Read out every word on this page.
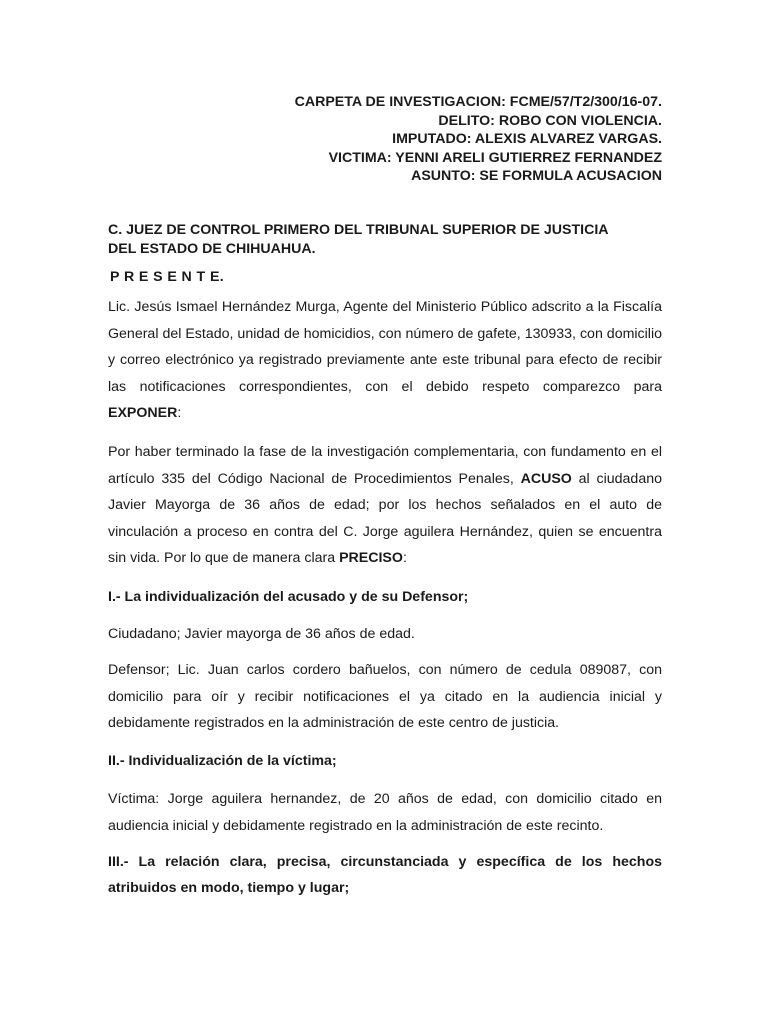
CARPETA DE INVESTIGACION: FCME/57/T2/300/16-07.
DELITO: ROBO CON VIOLENCIA.
IMPUTADO: ALEXIS ALVAREZ VARGAS.
VICTIMA: YENNI ARELI GUTIERREZ FERNANDEZ
ASUNTO: SE FORMULA ACUSACION
C. JUEZ DE CONTROL PRIMERO DEL TRIBUNAL SUPERIOR DE JUSTICIA
DEL ESTADO DE CHIHUAHUA.
P R E S E N T E.

Lic. Jesús Ismael Hernández Murga, Agente del Ministerio Público adscrito a la Fiscalía General del Estado, unidad de homicidios, con número de gafete, 130933, con domicilio y correo electrónico ya registrado previamente ante este tribunal para efecto de recibir las notificaciones correspondientes, con el debido respeto comparezco para EXPONER:

Por haber terminado la fase de la investigación complementaria, con fundamento en el artículo 335 del Código Nacional de Procedimientos Penales, ACUSO al ciudadano Javier Mayorga de 36 años de edad; por los hechos señalados en el auto de vinculación a proceso en contra del C. Jorge aguilera Hernández, quien se encuentra sin vida. Por lo que de manera clara PRECISO:

I.- La individualización del acusado y de su Defensor;

Ciudadano; Javier mayorga de 36 años de edad.

Defensor; Lic. Juan carlos cordero bañuelos, con número de cedula 089087, con domicilio para oír y recibir notificaciones el ya citado en la audiencia inicial y debidamente registrados en la administración de este centro de justicia.

II.- Individualización de la víctima;

Víctima: Jorge aguilera hernandez, de 20 años de edad, con domicilio citado en audiencia inicial y debidamente registrado en la administración de este recinto.

III.- La relación clara, precisa, circunstanciada y específica de los hechos atribuidos en modo, tiempo y lugar;
